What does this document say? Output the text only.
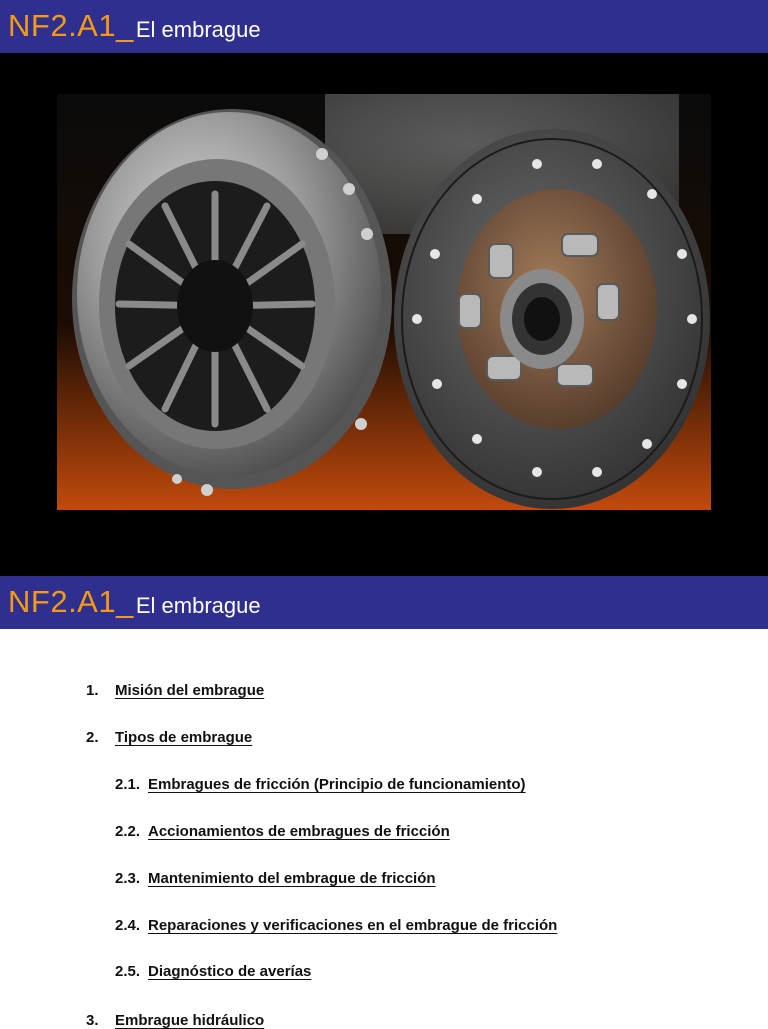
NF2.A1_ El embrague
NF2.A1_ El embrague
1. Misión del embrague
2. Tipos de embrague
2.1. Embragues de fricción (Principio de funcionamiento)
2.2. Accionamientos de embragues de fricción
2.3. Mantenimiento del embrague de fricción
2.4. Reparaciones y verificaciones en el embrague de fricción
2.5. Diagnóstico de averías
3. Embrague hidráulico
